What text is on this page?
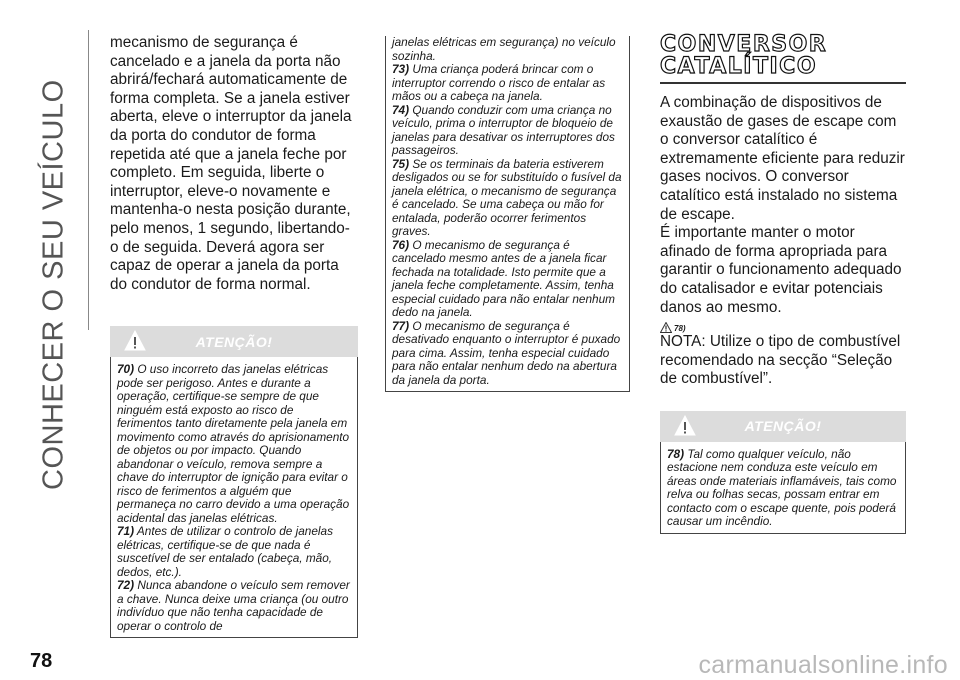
CONHECER O SEU VEÍCULO

mecanismo de segurança é cancelado e a janela da porta não abrirá/fechará automaticamente de forma completa. Se a janela estiver aberta, eleve o interruptor da janela da porta do condutor de forma repetida até que a janela feche por completo. Em seguida, liberte o interruptor, eleve-o novamente e mantenha-o nesta posição durante, pelo menos, 1 segundo, libertando-o de seguida. Deverá agora ser capaz de operar a janela da porta do condutor de forma normal.

ATENÇÃO!

70) O uso incorreto das janelas elétricas pode ser perigoso. Antes e durante a operação, certifique-se sempre de que ninguém está exposto ao risco de ferimentos tanto diretamente pela janela em movimento como através do aprisionamento de objetos ou por impacto. Quando abandonar o veículo, remova sempre a chave do interruptor de ignição para evitar o risco de ferimentos a alguém que permaneça no carro devido a uma operação acidental das janelas elétricas.

71) Antes de utilizar o controlo de janelas elétricas, certifique-se de que nada é suscetível de ser entalado (cabeça, mão, dedos, etc.).

72) Nunca abandone o veículo sem remover a chave. Nunca deixe uma criança (ou outro indivíduo que não tenha capacidade de operar o controlo de

janelas elétricas em segurança) no veículo sozinha.

73) Uma criança poderá brincar com o interruptor correndo o risco de entalar as mãos ou a cabeça na janela.

74) Quando conduzir com uma criança no veículo, prima o interruptor de bloqueio de janelas para desativar os interruptores dos passageiros.

75) Se os terminais da bateria estiverem desligados ou se for substituído o fusível da janela elétrica, o mecanismo de segurança é cancelado. Se uma cabeça ou mão for entalada, poderão ocorrer ferimentos graves.

76) O mecanismo de segurança é cancelado mesmo antes de a janela ficar fechada na totalidade. Isto permite que a janela feche completamente. Assim, tenha especial cuidado para não entalar nenhum dedo na janela.

77) O mecanismo de segurança é desativado enquanto o interruptor é puxado para cima. Assim, tenha especial cuidado para não entalar nenhum dedo na abertura da janela da porta.

CONVERSOR
CATALÍTICO

A combinação de dispositivos de exaustão de gases de escape com o conversor catalítico é extremamente eficiente para reduzir gases nocivos. O conversor catalítico está instalado no sistema de escape.

É importante manter o motor afinado de forma apropriada para garantir o funcionamento adequado do catalisador e evitar potenciais danos ao mesmo.

78)

NOTA: Utilize o tipo de combustível recomendado na secção “Seleção de combustível”.

ATENÇÃO!

78) Tal como qualquer veículo, não estacione nem conduza este veículo em áreas onde materiais inflamáveis, tais como relva ou folhas secas, possam entrar em contacto com o escape quente, pois poderá causar um incêndio.

78	carmanualsonline.info
